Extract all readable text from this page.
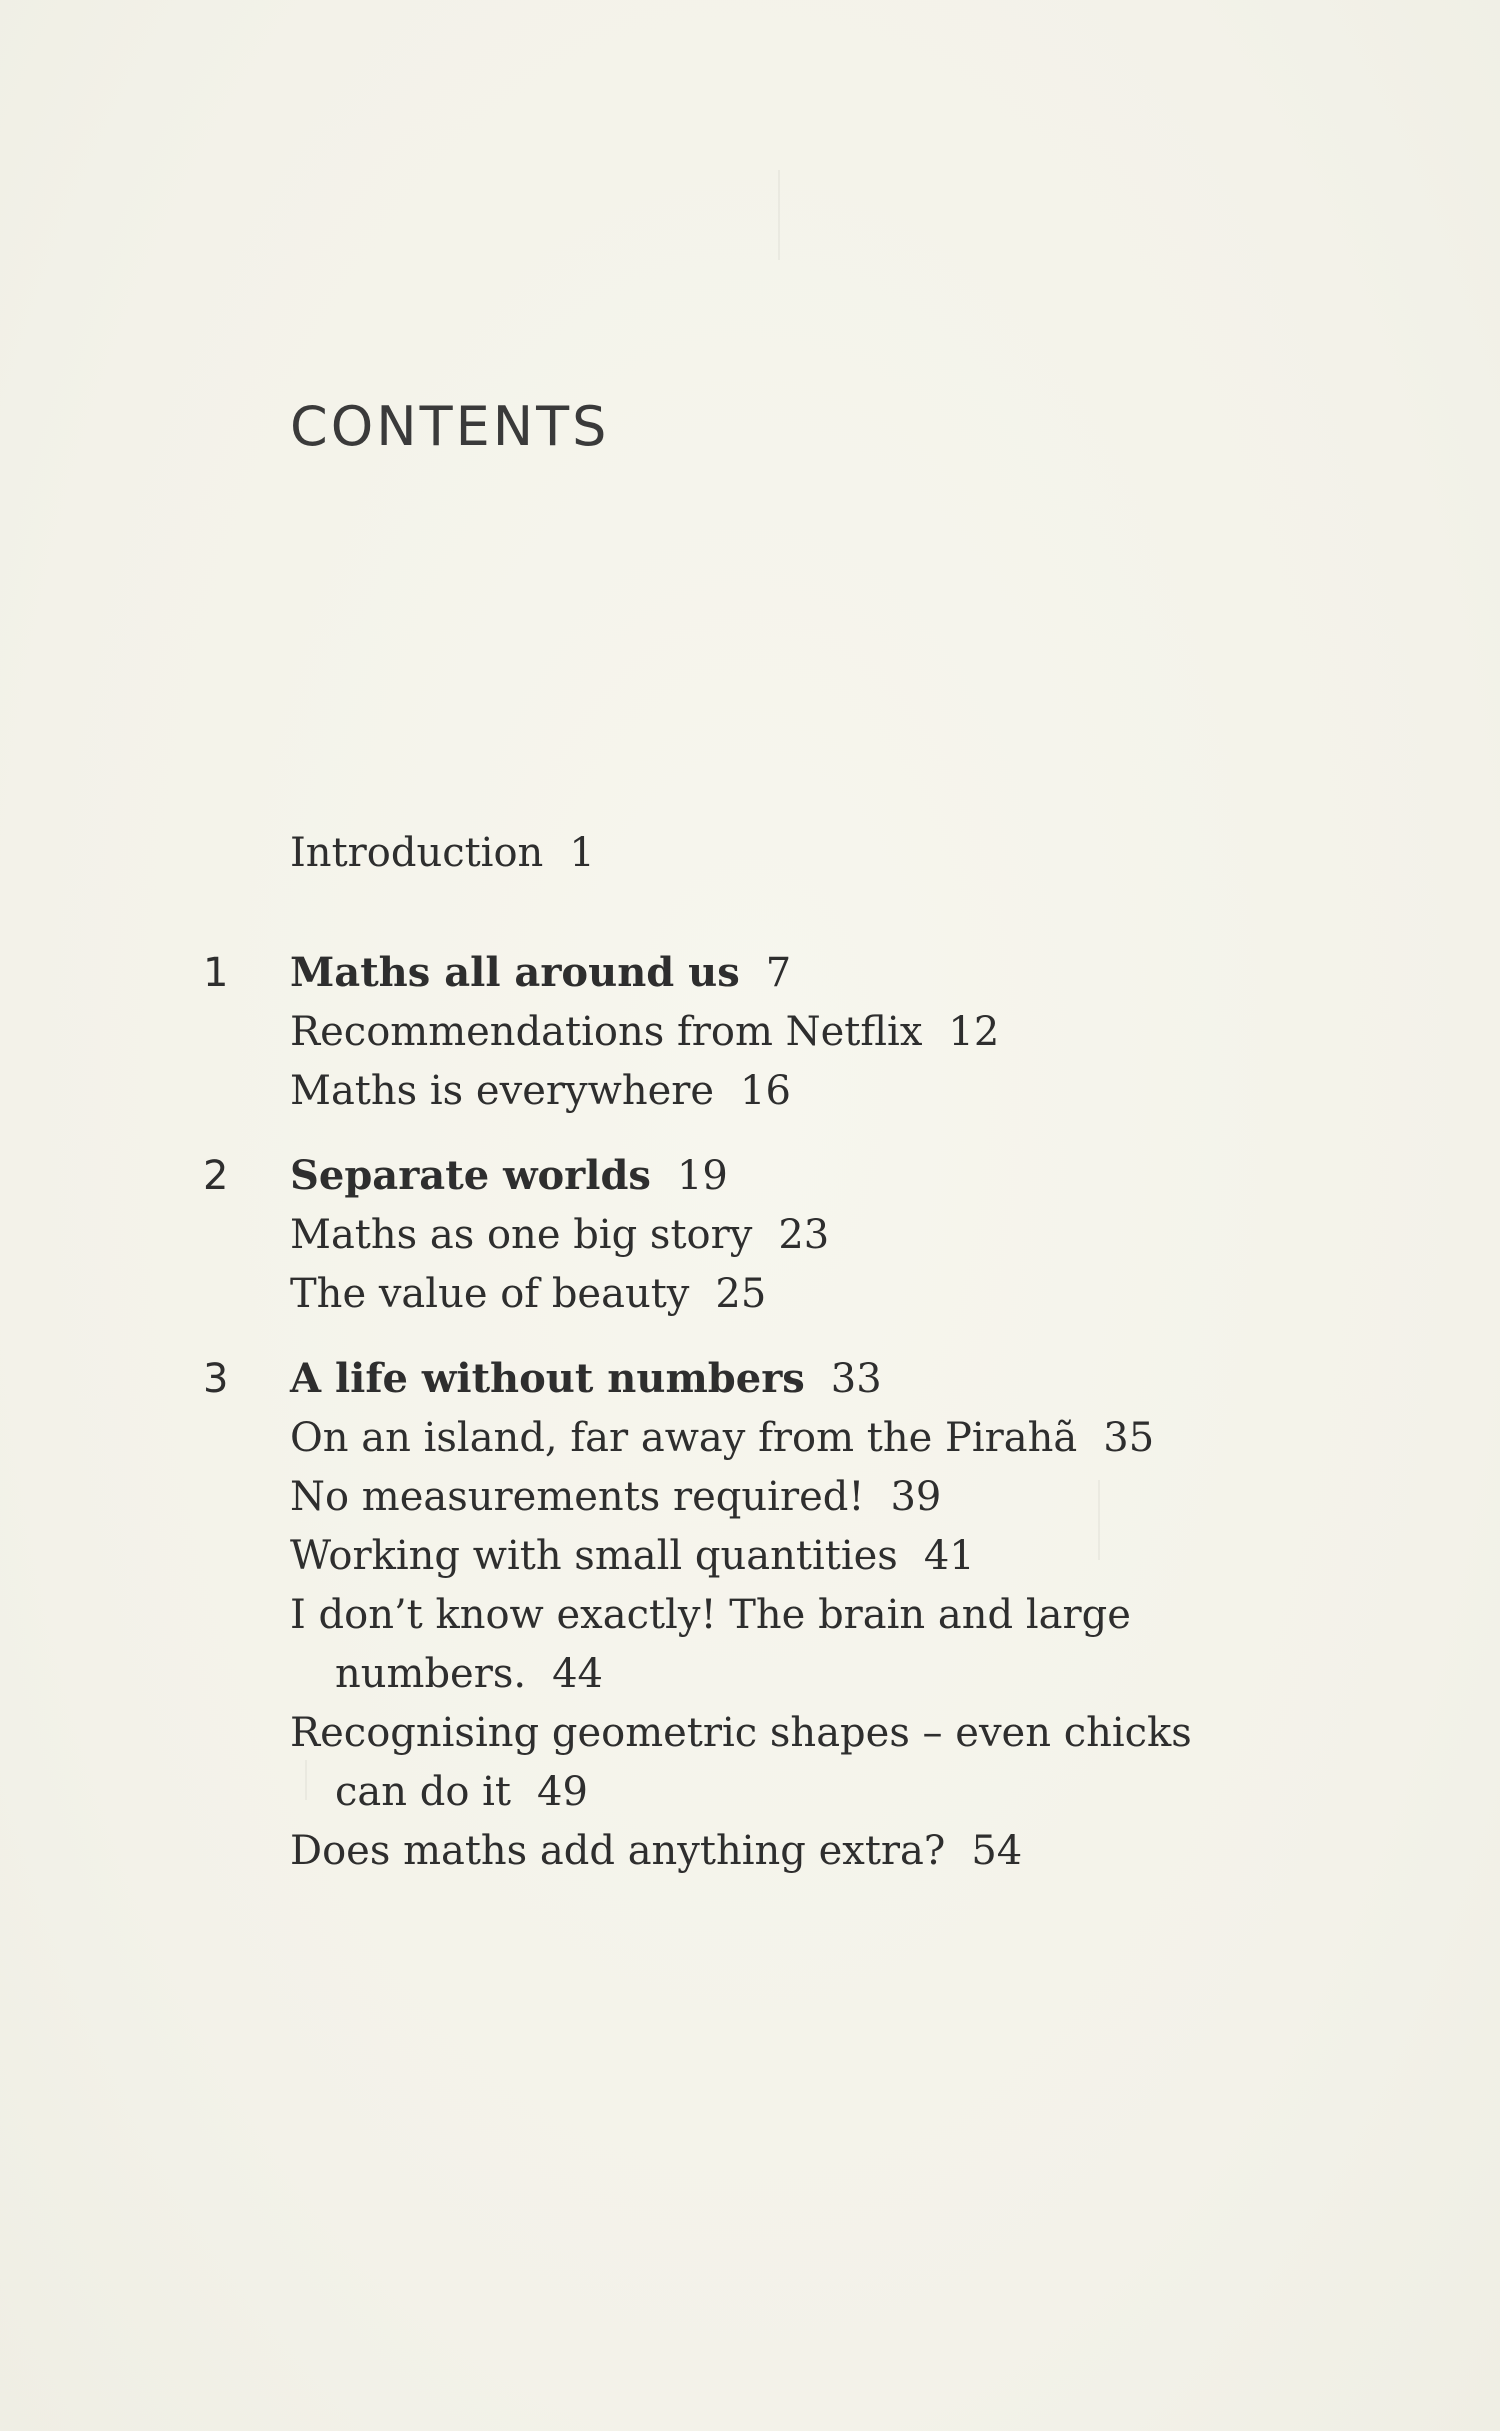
CONTENTS
Introduction 1
1 Maths all around us 7
Recommendations from Netflix 12
Maths is everywhere 16
2 Separate worlds 19
Maths as one big story 23
The value of beauty 25
3 A life without numbers 33
On an island, far away from the Pirahã 35
No measurements required! 39
Working with small quantities 41
I don’t know exactly! The brain and large
numbers. 44
Recognising geometric shapes – even chicks
can do it 49
Does maths add anything extra? 54
